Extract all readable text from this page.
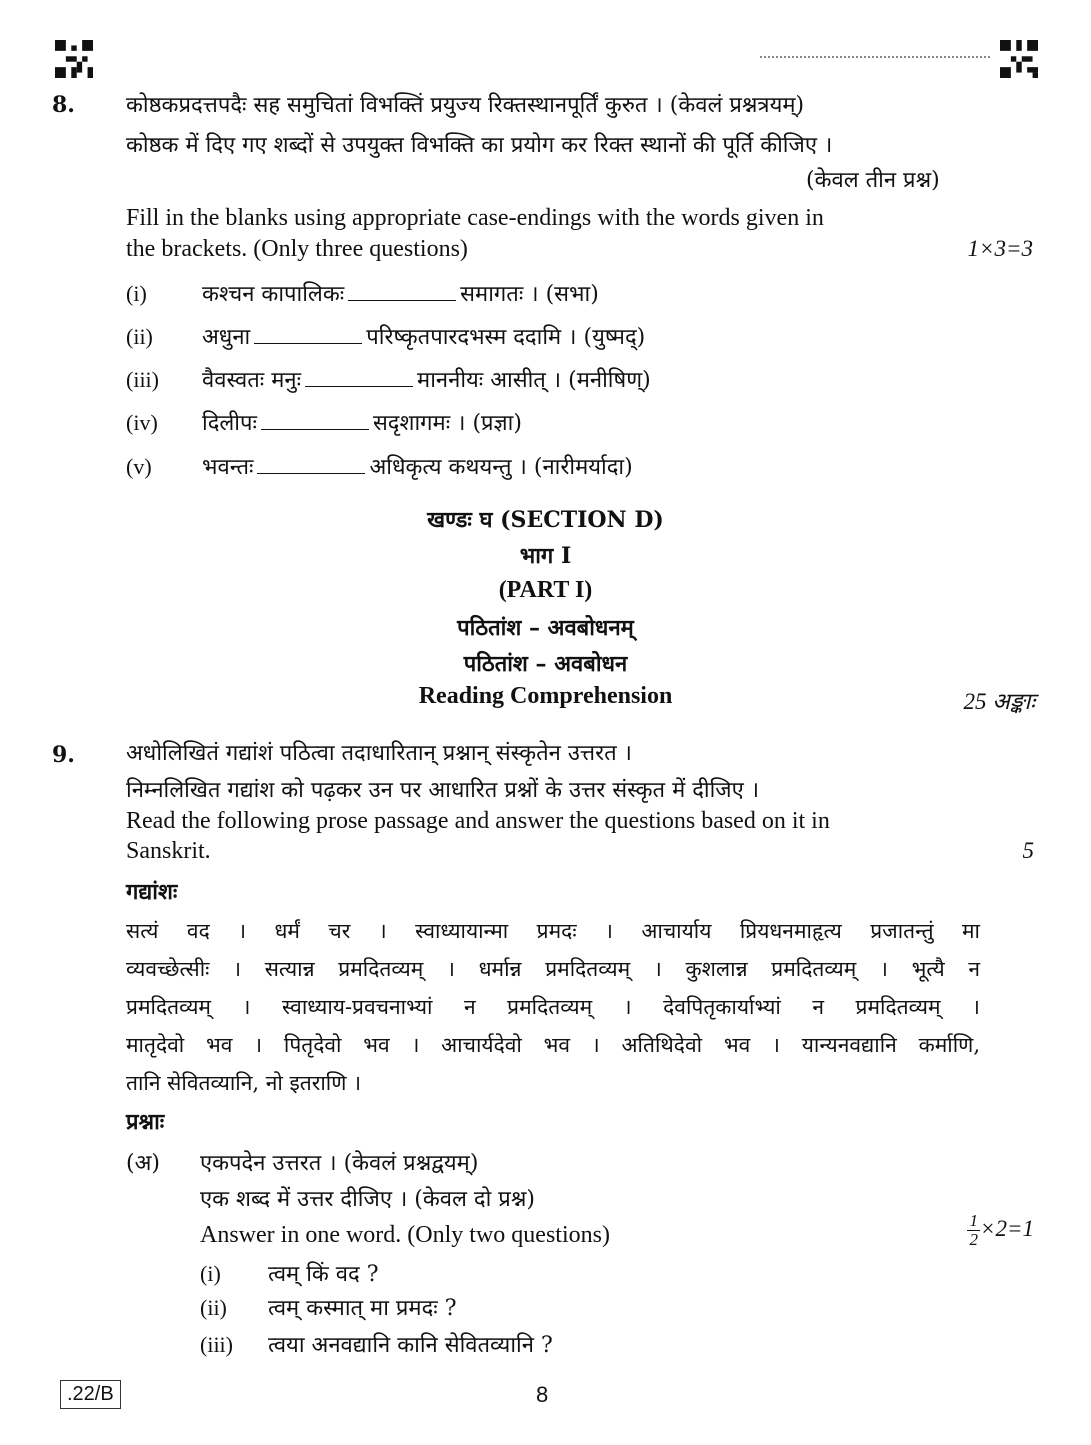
8. कोष्ठकप्रदत्तपदैः सह समुचितां विभक्तिं प्रयुज्य रिक्तस्थानपूर्तिं कुरुत । (केवलं प्रश्नत्रयम्)
कोष्ठक में दिए गए शब्दों से उपयुक्त विभक्ति का प्रयोग कर रिक्त स्थानों की पूर्ति कीजिए ।
(केवल तीन प्रश्न)
Fill in the blanks using appropriate case-endings with the words given in
the brackets. (Only three questions)	1×3=3
(i)	कश्चन कापालिकः	समागतः । (सभा)
(ii) अधुना	परिष्कृतपारदभस्म ददामि । (युष्मद्)
(iii) वैवस्वतः मनुः	माननीयः आसीत् । (मनीषिण्)
(iv) दिलीपः	सदृशागमः । (प्रज्ञा)
(v) भवन्तः	अधिकृत्य कथयन्तु । (नारीमर्यादा)
खण्डः घ (SECTION D)
भाग I
(PART I)
पठितांश – अवबोधनम्
पठितांश – अवबोधन
Reading Comprehension	25 अङ्काः
9. अधोलिखितं गद्यांशं पठित्वा तदाधारितान् प्रश्नान् संस्कृतेन उत्तरत ।
निम्नलिखित गद्यांश को पढ़कर उन पर आधारित प्रश्नों के उत्तर संस्कृत में दीजिए ।
Read the following prose passage and answer the questions based on it in
Sanskrit.	5
गद्यांशः
सत्यं वद । धर्मं चर । स्वाध्यायान्मा प्रमदः । आचार्याय प्रियधनमाहृत्य प्रजातन्तुं मा
व्यवच्छेत्सीः । सत्यान्न प्रमदितव्यम् । धर्मान्न प्रमदितव्यम् । कुशलान्न प्रमदितव्यम् । भूत्यै न
प्रमदितव्यम् । स्वाध्याय-प्रवचनाभ्यां न प्रमदितव्यम् । देवपितृकार्याभ्यां न प्रमदितव्यम् ।
मातृदेवो भव । पितृदेवो भव । आचार्यदेवो भव । अतिथिदेवो भव । यान्यनवद्यानि कर्माणि,
तानि सेवितव्यानि, नो इतराणि ।
प्रश्नाः
(अ) एकपदेन उत्तरत । (केवलं प्रश्नद्वयम्)
एक शब्द में उत्तर दीजिए । (केवल दो प्रश्न)
Answer in one word. (Only two questions)	$\frac{1}{2} \times 2=1$
(i) त्वम् किं वद ?
(ii) त्वम् कस्मात् मा प्रमदः ?
(iii) त्वया अनवद्यानि कानि सेवितव्यानि ?
.22/B	8
